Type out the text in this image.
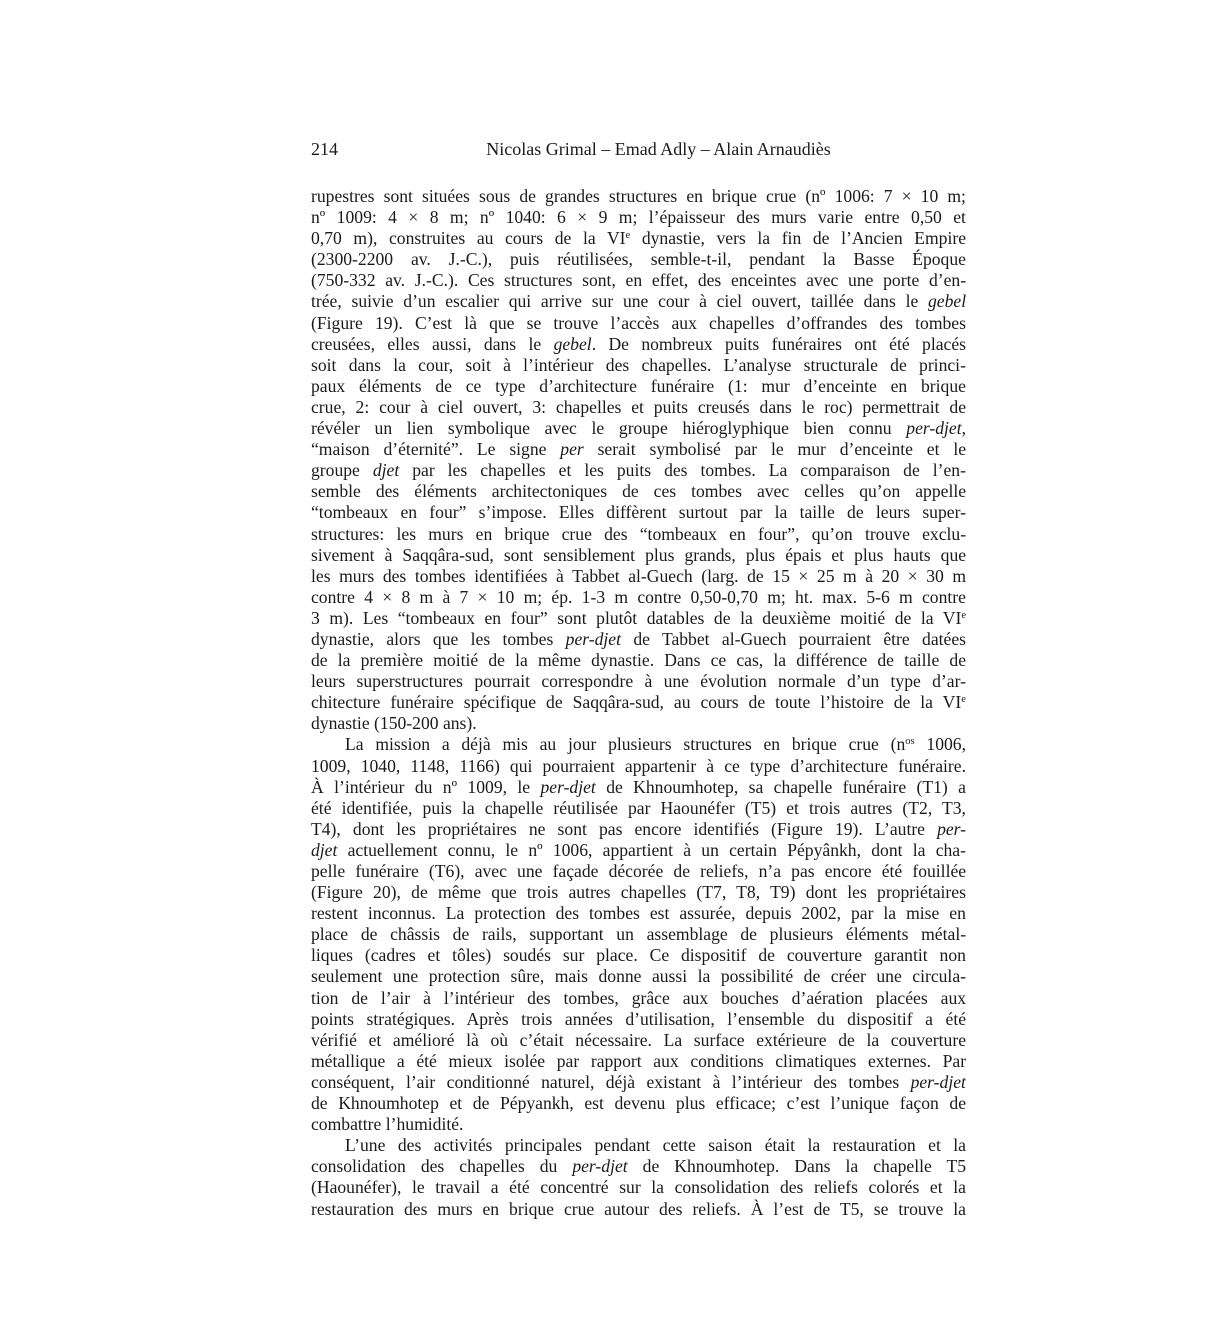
214	Nicolas Grimal – Emad Adly – Alain Arnaudiès
rupestres sont situées sous de grandes structures en brique crue (nº 1006: 7 × 10 m;
nº 1009: 4 × 8 m; nº 1040: 6 × 9 m; l’épaisseur des murs varie entre 0,50 et
0,70 m), construites au cours de la VIe dynastie, vers la fin de l’Ancien Empire
(2300-2200 av. J.-C.), puis réutilisées, semble-t-il, pendant la Basse Époque
(750-332 av. J.-C.). Ces structures sont, en effet, des enceintes avec une porte d’en-
trée, suivie d’un escalier qui arrive sur une cour à ciel ouvert, taillée dans le gebel
(Figure 19). C’est là que se trouve l’accès aux chapelles d’offrandes des tombes
creusées, elles aussi, dans le gebel. De nombreux puits funéraires ont été placés
soit dans la cour, soit à l’intérieur des chapelles. L’analyse structurale de princi-
paux éléments de ce type d’architecture funéraire (1: mur d’enceinte en brique
crue, 2: cour à ciel ouvert, 3: chapelles et puits creusés dans le roc) permettrait de
révéler un lien symbolique avec le groupe hiéroglyphique bien connu per-djet,
“maison d’éternité”. Le signe per serait symbolisé par le mur d’enceinte et le
groupe djet par les chapelles et les puits des tombes. La comparaison de l’en-
semble des éléments architectoniques de ces tombes avec celles qu’on appelle
“tombeaux en four” s’impose. Elles diffèrent surtout par la taille de leurs super-
structures: les murs en brique crue des “tombeaux en four”, qu’on trouve exclu-
sivement à Saqqâra-sud, sont sensiblement plus grands, plus épais et plus hauts que
les murs des tombes identifiées à Tabbet al-Guech (larg. de 15 × 25 m à 20 × 30 m
contre 4 × 8 m à 7 × 10 m; ép. 1-3 m contre 0,50-0,70 m; ht. max. 5-6 m contre
3 m). Les “tombeaux en four” sont plutôt datables de la deuxième moitié de la VIe
dynastie, alors que les tombes per-djet de Tabbet al-Guech pourraient être datées
de la première moitié de la même dynastie. Dans ce cas, la différence de taille de
leurs superstructures pourrait correspondre à une évolution normale d’un type d’ar-
chitecture funéraire spécifique de Saqqâra-sud, au cours de toute l’histoire de la VIe
dynastie (150-200 ans).
La mission a déjà mis au jour plusieurs structures en brique crue ($n^{os}$ 1006,
1009, 1040, 1148, 1166) qui pourraient appartenir à ce type d’architecture funéraire.
À l’intérieur du nº 1009, le per-djet de Khnoumhotep, sa chapelle funéraire (T1) a
été identifiée, puis la chapelle réutilisée par Haounéfer (T5) et trois autres (T2, T3,
T4), dont les propriétaires ne sont pas encore identifiés (Figure 19). L’autre per-
djet actuellement connu, le nº 1006, appartient à un certain Pépyânkh, dont la cha-
pelle funéraire (T6), avec une façade décorée de reliefs, n’a pas encore été fouillée
(Figure 20), de même que trois autres chapelles (T7, T8, T9) dont les propriétaires
restent inconnus. La protection des tombes est assurée, depuis 2002, par la mise en
place de châssis de rails, supportant un assemblage de plusieurs éléments métal-
liques (cadres et tôles) soudés sur place. Ce dispositif de couverture garantit non
seulement une protection sûre, mais donne aussi la possibilité de créer une circula-
tion de l’air à l’intérieur des tombes, grâce aux bouches d’aération placées aux
points stratégiques. Après trois années d’utilisation, l’ensemble du dispositif a été
vérifié et amélioré là où c’était nécessaire. La surface extérieure de la couverture
métallique a été mieux isolée par rapport aux conditions climatiques externes. Par
conséquent, l’air conditionné naturel, déjà existant à l’intérieur des tombes per-djet
de Khnoumhotep et de Pépyankh, est devenu plus efficace; c’est l’unique façon de
combattre l’humidité.
L’une des activités principales pendant cette saison était la restauration et la
consolidation des chapelles du per-djet de Khnoumhotep. Dans la chapelle T5
(Haounéfer), le travail a été concentré sur la consolidation des reliefs colorés et la
restauration des murs en brique crue autour des reliefs. À l’est de T5, se trouve la
